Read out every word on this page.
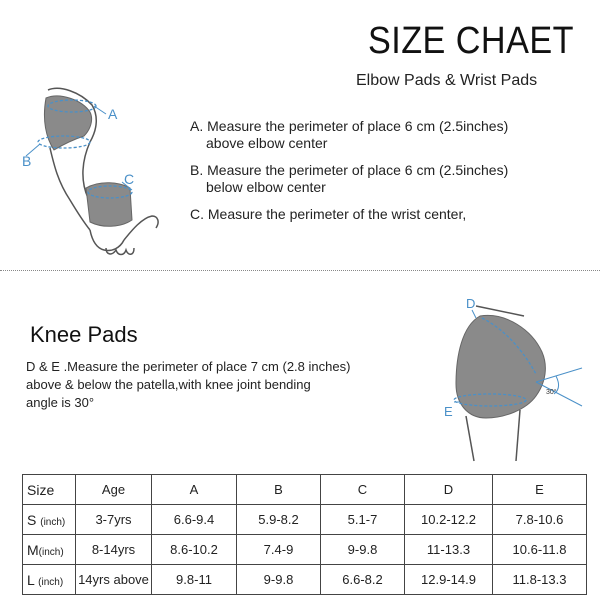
SIZE CHAET
Elbow Pads & Wrist Pads
A
B
C
A. Measure the perimeter of place 6 cm (2.5inches)
above elbow center
B. Measure the perimeter of place 6 cm (2.5inches)
below elbow center
C. Measure the perimeter of the wrist center,
Knee Pads
D & E .Measure the perimeter of place 7 cm (2.8 inches)
above & below the patella,with knee joint bending
angle is 30°
D
E
30°
Size	Age	A	B	C	D	E
S (inch)	3-7yrs	6.6-9.4	5.9-8.2	5.1-7	10.2-12.2	7.8-10.6
M(inch)	8-14yrs	8.6-10.2	7.4-9	9-9.8	11-13.3	10.6-11.8
L (inch)	14yrs above	9.8-11	9-9.8	6.6-8.2	12.9-14.9	11.8-13.3
